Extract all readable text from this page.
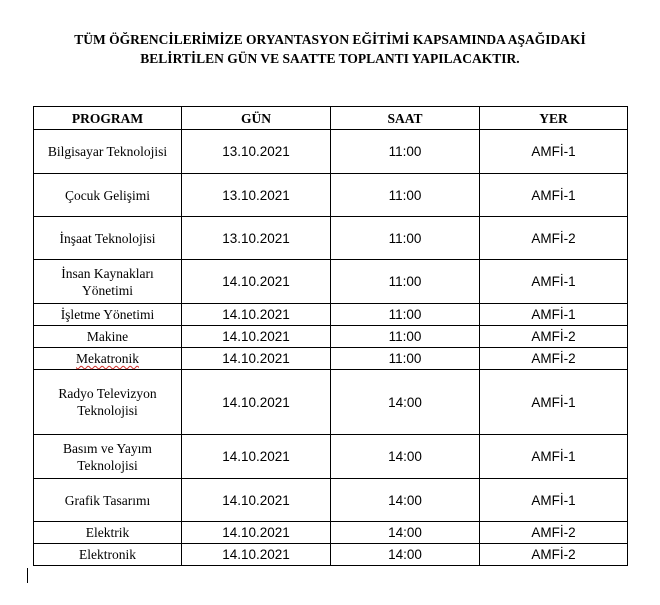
TÜM ÖĞRENCİLERİMİZE ORYANTASYON EĞİTİMİ KAPSAMINDA AŞAĞIDAKİ
BELİRTİLEN GÜN VE SAATTE TOPLANTI YAPILACAKTIR.
PROGRAM	GÜN	SAAT	YER
Bilgisayar Teknolojisi	13.10.2021	11:00	AMFİ-1
Çocuk Gelişimi	13.10.2021	11:00	AMFİ-1
İnşaat Teknolojisi	13.10.2021	11:00	AMFİ-2
İnsan Kaynakları Yönetimi	14.10.2021	11:00	AMFİ-1
İşletme Yönetimi	14.10.2021	11:00	AMFİ-1
Makine	14.10.2021	11:00	AMFİ-2
Mekatronik	14.10.2021	11:00	AMFİ-2
Radyo Televizyon Teknolojisi	14.10.2021	14:00	AMFİ-1
Basım ve Yayım Teknolojisi	14.10.2021	14:00	AMFİ-1
Grafik Tasarımı	14.10.2021	14:00	AMFİ-1
Elektrik	14.10.2021	14:00	AMFİ-2
Elektronik	14.10.2021	14:00	AMFİ-2
